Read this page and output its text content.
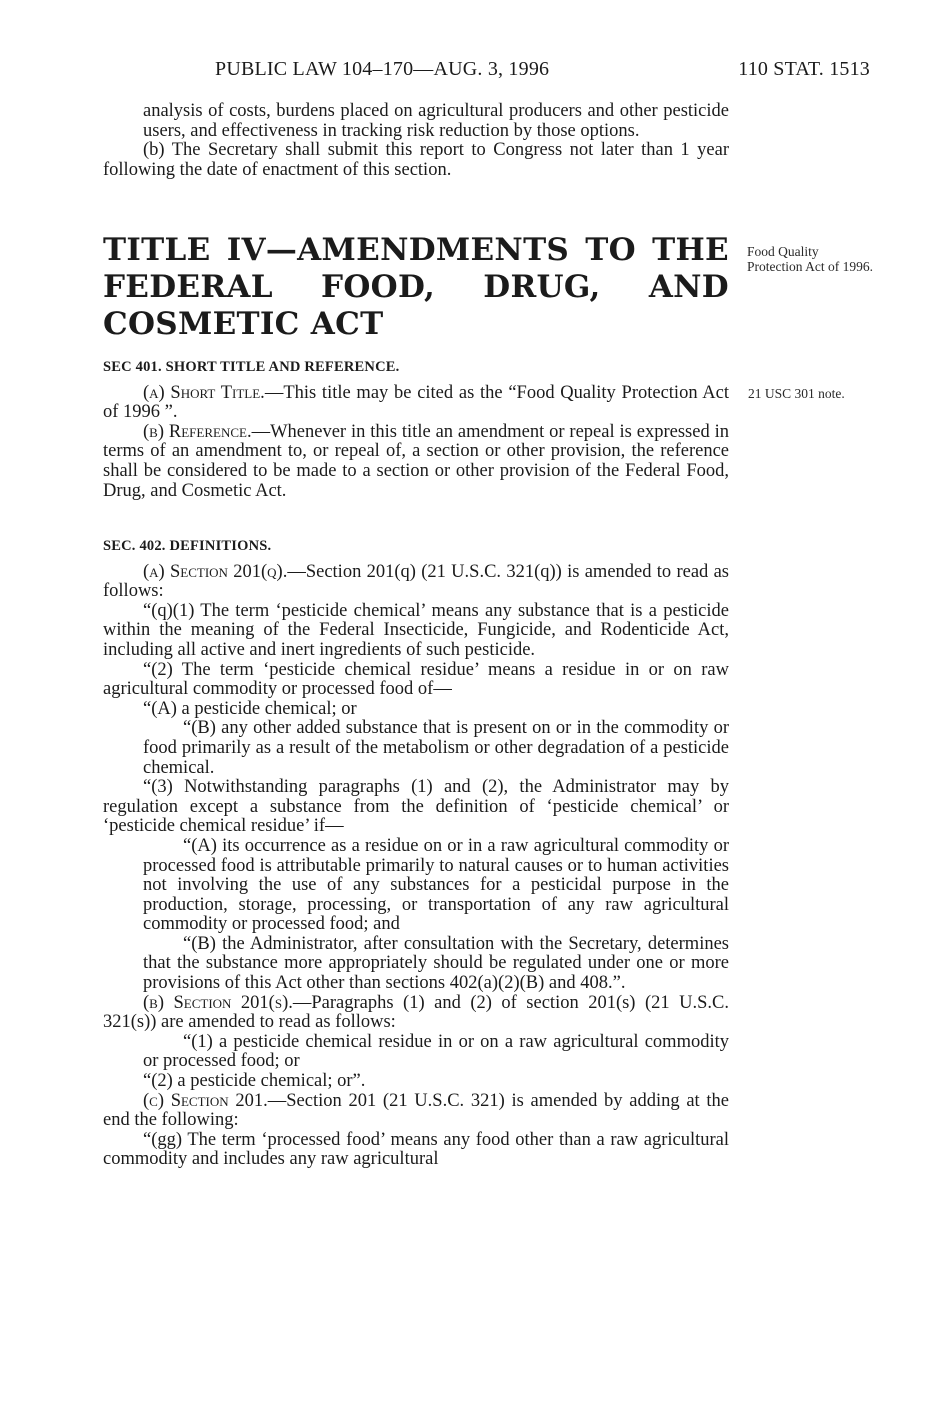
PUBLIC LAW 104–170—AUG. 3, 1996	110 STAT. 1513

analysis of costs, burdens placed on agricultural producers and other pesticide users, and effectiveness in tracking risk reduction by those options.

(b) The Secretary shall submit this report to Congress not later than 1 year following the date of enactment of this section.

TITLE IV—AMENDMENTS TO THE FEDERAL FOOD, DRUG, AND COSMETIC ACT
Food Quality Protection Act of 1996.
21 USC 301 note.

SEC 401. SHORT TITLE AND REFERENCE.

(a) Short Title.—This title may be cited as the “Food Quality Protection Act of 1996 ”.

(b) Reference.—Whenever in this title an amendment or repeal is expressed in terms of an amendment to, or repeal of, a section or other provision, the reference shall be considered to be made to a section or other provision of the Federal Food, Drug, and Cosmetic Act.

SEC. 402. DEFINITIONS.

(a) Section 201(q).—Section 201(q) (21 U.S.C. 321(q)) is amended to read as follows:

“(q)(1) The term ‘pesticide chemical’ means any substance that is a pesticide within the meaning of the Federal Insecticide, Fungicide, and Rodenticide Act, including all active and inert ingredients of such pesticide.

“(2) The term ‘pesticide chemical residue’ means a residue in or on raw agricultural commodity or processed food of—

“(A) a pesticide chemical; or

“(B) any other added substance that is present on or in the commodity or food primarily as a result of the metabolism or other degradation of a pesticide chemical.

“(3) Notwithstanding paragraphs (1) and (2), the Administrator may by regulation except a substance from the definition of ‘pesticide chemical’ or ‘pesticide chemical residue’ if—

“(A) its occurrence as a residue on or in a raw agricultural commodity or processed food is attributable primarily to natural causes or to human activities not involving the use of any substances for a pesticidal purpose in the production, storage, processing, or transportation of any raw agricultural commodity or processed food; and

“(B) the Administrator, after consultation with the Secretary, determines that the substance more appropriately should be regulated under one or more provisions of this Act other than sections 402(a)(2)(B) and 408.”.

(b) Section 201(s).—Paragraphs (1) and (2) of section 201(s) (21 U.S.C. 321(s)) are amended to read as follows:

“(1) a pesticide chemical residue in or on a raw agricultural commodity or processed food; or

“(2) a pesticide chemical; or”.

(c) Section 201.—Section 201 (21 U.S.C. 321) is amended by adding at the end the following:

“(gg) The term ‘processed food’ means any food other than a raw agricultural commodity and includes any raw agricultural
